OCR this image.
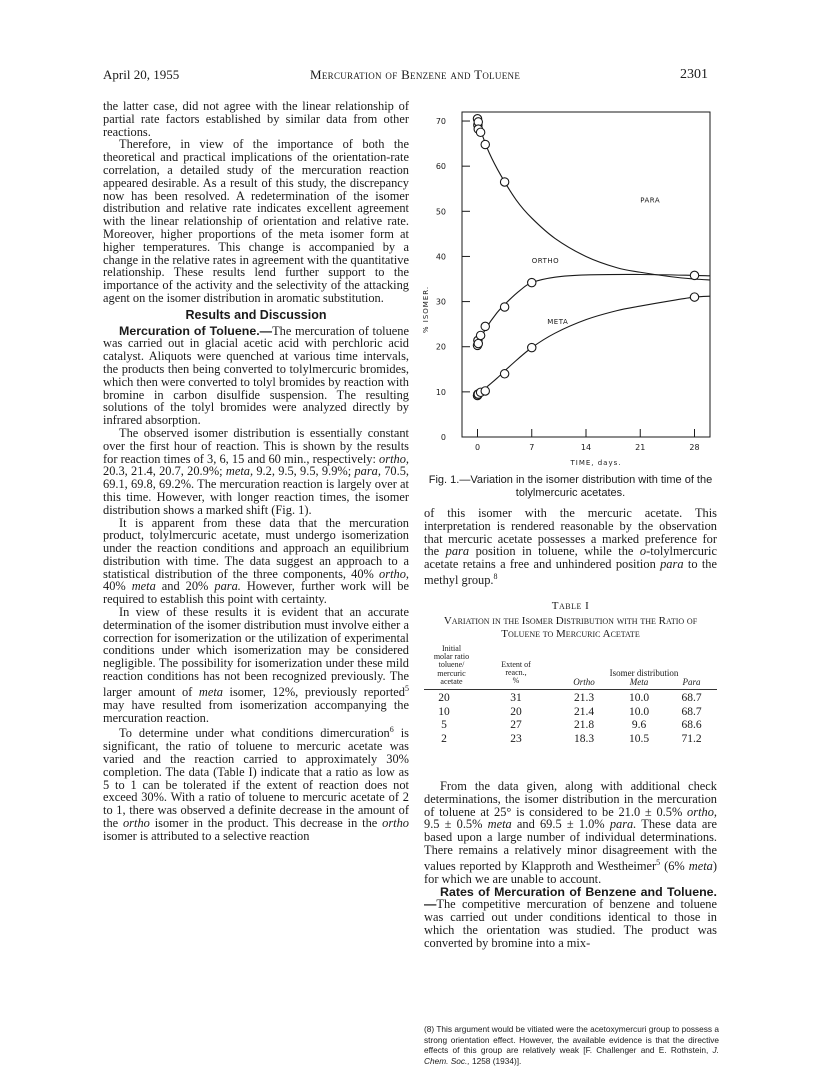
April 20, 1955	Mercuration of Benzene and Toluene	2301

the latter case, did not agree with the linear relationship of partial rate factors established by similar data from other reactions.

Therefore, in view of the importance of both the theoretical and practical implications of the orientation-rate correlation, a detailed study of the mercuration reaction appeared desirable. As a result of this study, the discrepancy now has been resolved. A redetermination of the isomer distribution and relative rate indicates excellent agreement with the linear relationship of orientation and relative rate. Moreover, higher proportions of the meta isomer form at higher temperatures. This change is accompanied by a change in the relative rates in agreement with the quantitative relationship. These results lend further support to the importance of the activity and the selectivity of the attacking agent on the isomer distribution in aromatic substitution.

Results and Discussion

Mercuration of Toluene.—The mercuration of toluene was carried out in glacial acetic acid with perchloric acid catalyst. Aliquots were quenched at various time intervals, the products then being converted to tolylmercuric bromides, which then were converted to tolyl bromides by reaction with bromine in carbon disulfide suspension. The resulting solutions of the tolyl bromides were analyzed directly by infrared absorption.

The observed isomer distribution is essentially constant over the first hour of reaction. This is shown by the results for reaction times of 3, 6, 15 and 60 min., respectively: ortho, 20.3, 21.4, 20.7, 20.9%; meta, 9.2, 9.5, 9.5, 9.9%; para, 70.5, 69.1, 69.8, 69.2%. The mercuration reaction is largely over at this time. However, with longer reaction times, the isomer distribution shows a marked shift (Fig. 1).

It is apparent from these data that the mercuration product, tolylmercuric acetate, must undergo isomerization under the reaction conditions and approach an equilibrium distribution with time. The data suggest an approach to a statistical distribution of the three components, 40% ortho, 40% meta and 20% para. However, further work will be required to establish this point with certainty.

In view of these results it is evident that an accurate determination of the isomer distribution must involve either a correction for isomerization or the utilization of experimental conditions under which isomerization may be considered negligible. The possibility for isomerization under these mild reaction conditions has not been recognized previously. The larger amount of meta isomer, 12%, previously reported$^5$ may have resulted from isomerization accompanying the mercuration reaction.

To determine under what conditions dimercuration$^6$ is significant, the ratio of toluene to mercuric acetate was varied and the reaction carried to approximately 30% completion. The data (Table I) indicate that a ratio as low as 5 to 1 can be tolerated if the extent of reaction does not exceed 30%. With a ratio of toluene to mercuric acetate of 2 to 1, there was observed a definite decrease in the amount of the ortho isomer in the product. This decrease in the ortho isomer is attributed to a selective reaction

0
10
20
30
40
50
60
70
0	7	14	21	28
TIME, days.
% ISOMER.
PARA
ORTHO
META
Fig. 1.—Variation in the isomer distribution with time of the tolylmercuric acetates.

of this isomer with the mercuric acetate. This interpretation is rendered reasonable by the observation that mercuric acetate possesses a marked preference for the para position in toluene, while the o-tolylmercuric acetate retains a free and unhindered position para to the methyl group.$^8$

Table I
Variation in the Isomer Distribution with the Ratio of Toluene to Mercuric Acetate
Initial
molar ratio
toluene/
mercuric
acetate
Extent of
reacn.,
%
Isomer distribution
Ortho	Meta	Para
20	31	21.3	10.0	68.7
10	20	21.4	10.0	68.7
5	27	21.8	9.6	68.6
2	23	18.3	10.5	71.2

From the data given, along with additional check determinations, the isomer distribution in the mercuration of toluene at 25° is considered to be 21.0 ± 0.5% ortho, 9.5 ± 0.5% meta and 69.5 ± 1.0% para. These data are based upon a large number of individual determinations. There remains a relatively minor disagreement with the values reported by Klapproth and Westheimer$^5$ (6% meta) for which we are unable to account.

Rates of Mercuration of Benzene and Toluene.—The competitive mercuration of benzene and toluene was carried out under conditions identical to those in which the orientation was studied. The product was converted by bromine into a mix-

(8) This argument would be vitiated were the acetoxymercuri group to possess a strong orientation effect. However, the available evidence is that the directive effects of this group are relatively weak [F. Challenger and E. Rothstein, J. Chem. Soc., 1258 (1934)].
